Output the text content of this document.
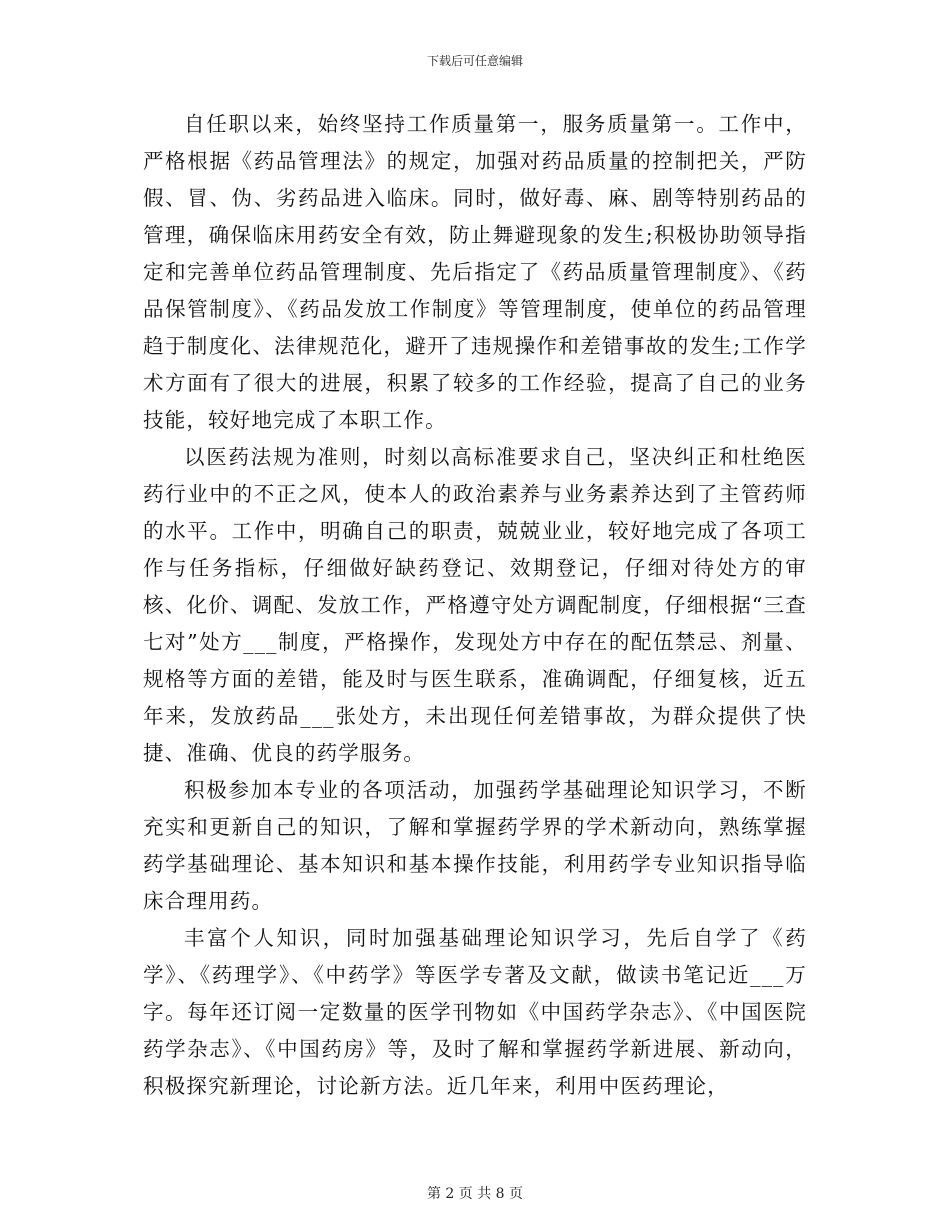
下载后可任意编辑

自任职以来，始终坚持工作质量第一，服务质量第一。工作中，严格根据《药品管理法》的规定，加强对药品质量的控制把关，严防假、冒、伪、劣药品进入临床。同时，做好毒、麻、剧等特别药品的管理，确保临床用药安全有效，防止舞避现象的发生;积极协助领导指定和完善单位药品管理制度、先后指定了《药品质量管理制度》、《药品保管制度》、《药品发放工作制度》等管理制度，使单位的药品管理趋于制度化、法律规范化，避开了违规操作和差错事故的发生;工作学术方面有了很大的进展，积累了较多的工作经验，提高了自己的业务技能，较好地完成了本职工作。

以医药法规为准则，时刻以高标准要求自己，坚决纠正和杜绝医药行业中的不正之风，使本人的政治素养与业务素养达到了主管药师的水平。工作中，明确自己的职责，兢兢业业，较好地完成了各项工作与任务指标，仔细做好缺药登记、效期登记，仔细对待处方的审核、化价、调配、发放工作，严格遵守处方调配制度，仔细根据“三查七对”处方___制度，严格操作，发现处方中存在的配伍禁忌、剂量、规格等方面的差错，能及时与医生联系，准确调配，仔细复核，近五年来，发放药品___张处方，未出现任何差错事故，为群众提供了快捷、准确、优良的药学服务。

积极参加本专业的各项活动，加强药学基础理论知识学习，不断充实和更新自己的知识，了解和掌握药学界的学术新动向，熟练掌握药学基础理论、基本知识和基本操作技能，利用药学专业知识指导临床合理用药。

丰富个人知识，同时加强基础理论知识学习，先后自学了《药学》、《药理学》、《中药学》等医学专著及文献，做读书笔记近___万字。每年还订阅一定数量的医学刊物如《中国药学杂志》、《中国医院药学杂志》、《中国药房》等，及时了解和掌握药学新进展、新动向，积极探究新理论，讨论新方法。近几年来，利用中医药理论，

第 2 页 共 8 页
